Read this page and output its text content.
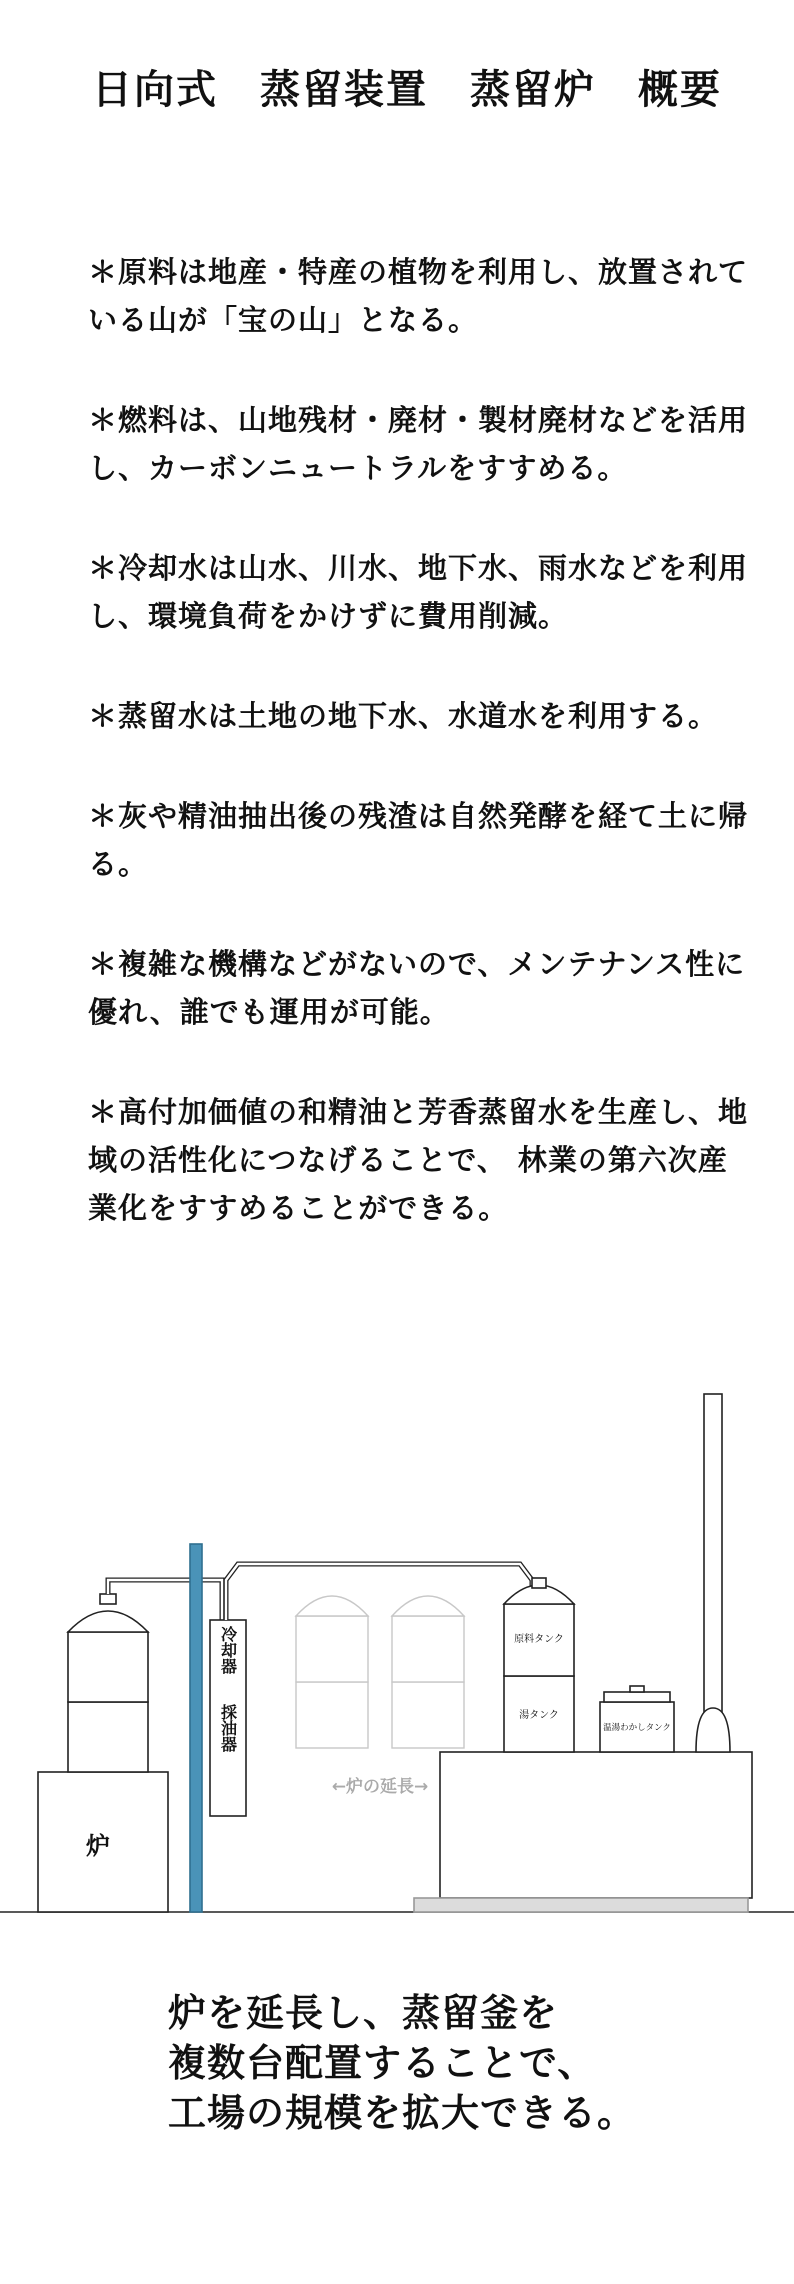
日向式　蒸留装置　蒸留炉　概要

＊原料は地産・特産の植物を利用し、放置されている山が「宝の山」となる。

＊燃料は、山地残材・廃材・製材廃材などを活用し、カーボンニュートラルをすすめる。

＊冷却水は山水、川水、地下水、雨水などを利用し、環境負荷をかけずに費用削減。

＊蒸留水は土地の地下水、水道水を利用する。

＊灰や精油抽出後の残渣は自然発酵を経て土に帰る。

＊複雑な機構などがないので、メンテナンス性に優れ、誰でも運用が可能。

＊高付加価値の和精油と芳香蒸留水を生産し、地域の活性化につなげることで、 林業の第六次産業化をすすめることができる。

炉
冷却器
採油器
←炉の延長→
原料タンク
湯タンク
温湯わかしタンク
炉を延長し、蒸留釜を
複数台配置することで、
工場の規模を拡大できる。
